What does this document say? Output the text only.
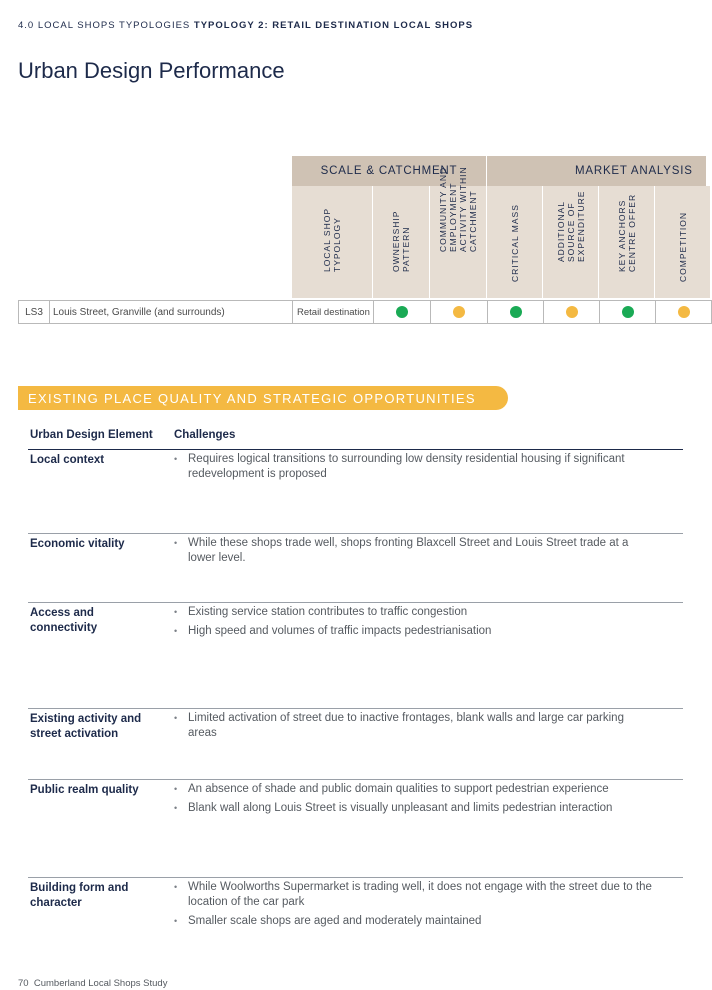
4.0 LOCAL SHOPS TYPOLOGIES TYPOLOGY 2: RETAIL DESTINATION LOCAL SHOPS
Urban Design Performance
SCALE & CATCHMENT	MARKET ANALYSIS
LOCAL SHOP TYPOLOGY	OWNERSHIP PATTERN	COMMUNITY AND EMPLOYMENT ACTIVITY WITHIN CATCHMENT	CRITICAL MASS	ADDITIONAL SOURCE OF EXPENDITURE	KEY ANCHORS CENTRE OFFER	COMPETITION
LS3 Louis Street, Granville (and surrounds)	Retail destination
EXISTING PLACE QUALITY AND STRATEGIC OPPORTUNITIES
Urban Design Element Challenges
Local context	• Requires logical transitions to surrounding low density residential housing if significant redevelopment is proposed
Economic vitality	• While these shops trade well, shops fronting Blaxcell Street and Louis Street trade at a lower level.
Access and connectivity
• Existing service station contributes to traffic congestion
• High speed and volumes of traffic impacts pedestrianisation
Existing activity and street activation
• Limited activation of street due to inactive frontages, blank walls and large car parking areas
Public realm quality	• An absence of shade and public domain qualities to support pedestrian experience
• Blank wall along Louis Street is visually unpleasant and limits pedestrian interaction
Building form and character
• While Woolworths Supermarket is trading well, it does not engage with the street due to the location of the car park
• Smaller scale shops are aged and moderately maintained
70 Cumberland Local Shops Study
